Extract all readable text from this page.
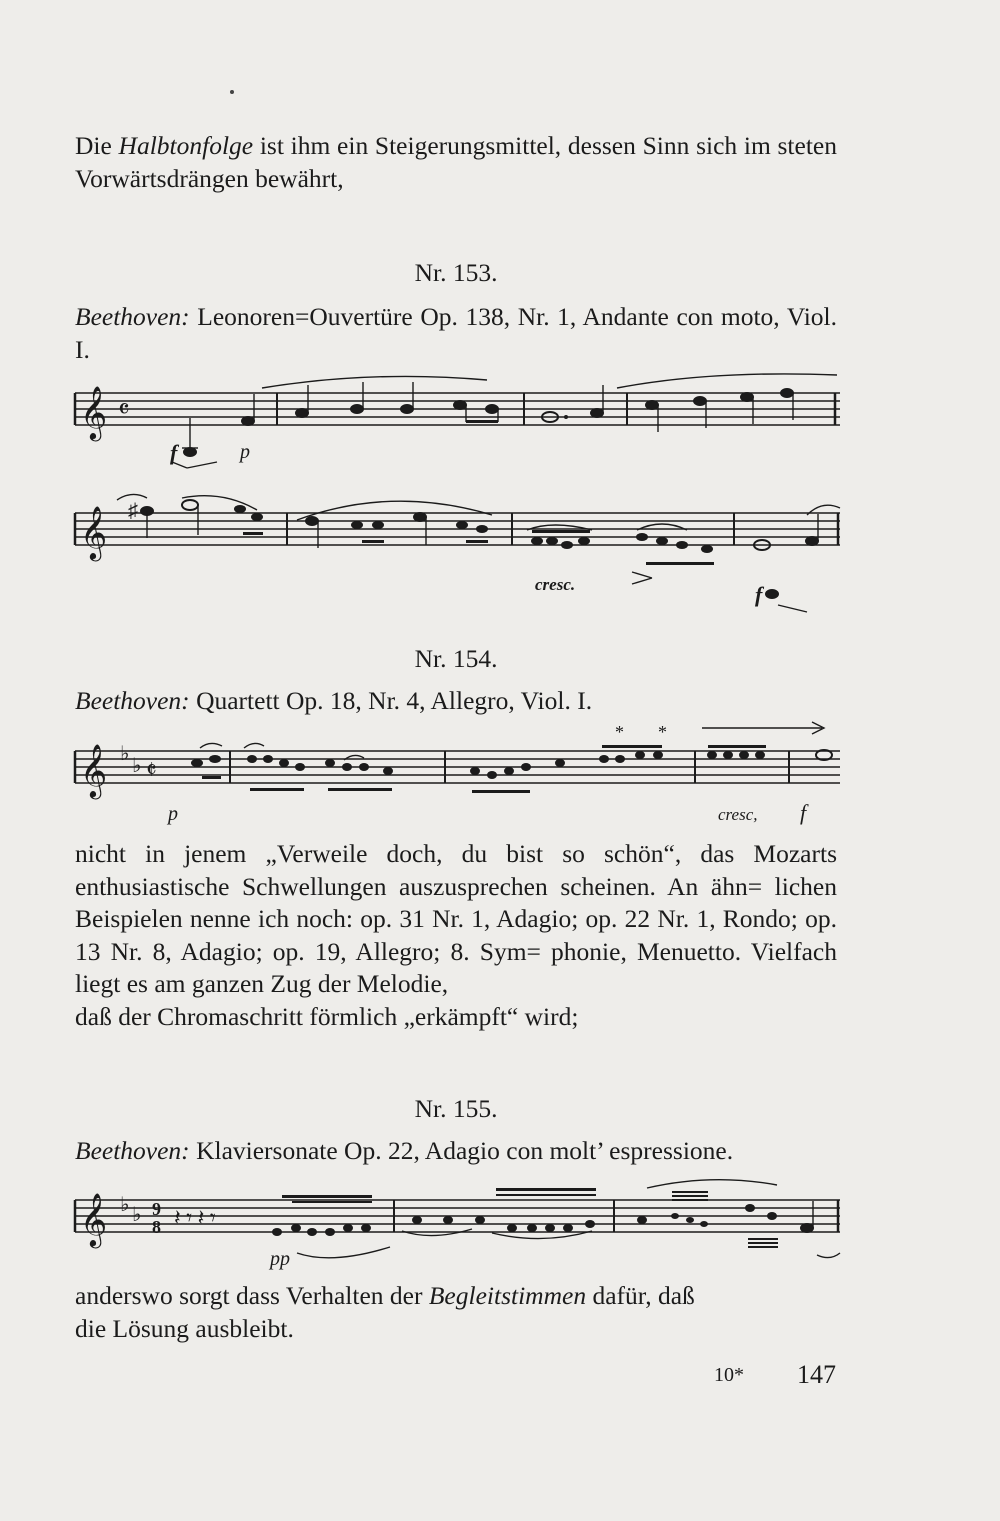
Die Halbtonfolge ist ihm ein Steigerungsmittel, dessen Sinn sich im steten Vorwärtsdrängen bewährt,

Nr. 153.

Beethoven: Leonoren=Ouvertüre Op. 138, Nr. 1, Andante con moto, Viol. I.

𝄞 𝄴
f	p
𝄞 ♯
cresc.	f

Nr. 154.

Beethoven: Quartett Op. 18, Nr. 4, Allegro, Viol. I.

𝄞 ♭
♭ 𝄵
* *
p	cresc, f

nicht in jenem „Verweile doch, du bist so schön“, das Mozarts enthusiastische Schwellungen auszusprechen scheinen. An ähn= lichen Beispielen nenne ich noch: op. 31 Nr. 1, Adagio; op. 22 Nr. 1, Rondo; op. 13 Nr. 8, Adagio; op. 19, Allegro; 8. Sym= phonie, Menuetto. Vielfach liegt es am ganzen Zug der Melodie,
daß der Chromaschritt förmlich „erkämpft“ wird;

Nr. 155.

Beethoven: Klaviersonate Op. 22, Adagio con molt’ espressione.

𝄞 ♭ ♭ 9
8 𝄽 𝄾 𝄽 𝄾
pp

anderswo sorgt dass Verhalten der Begleitstimmen dafür, daß
die Lösung ausbleibt.

10* 147
